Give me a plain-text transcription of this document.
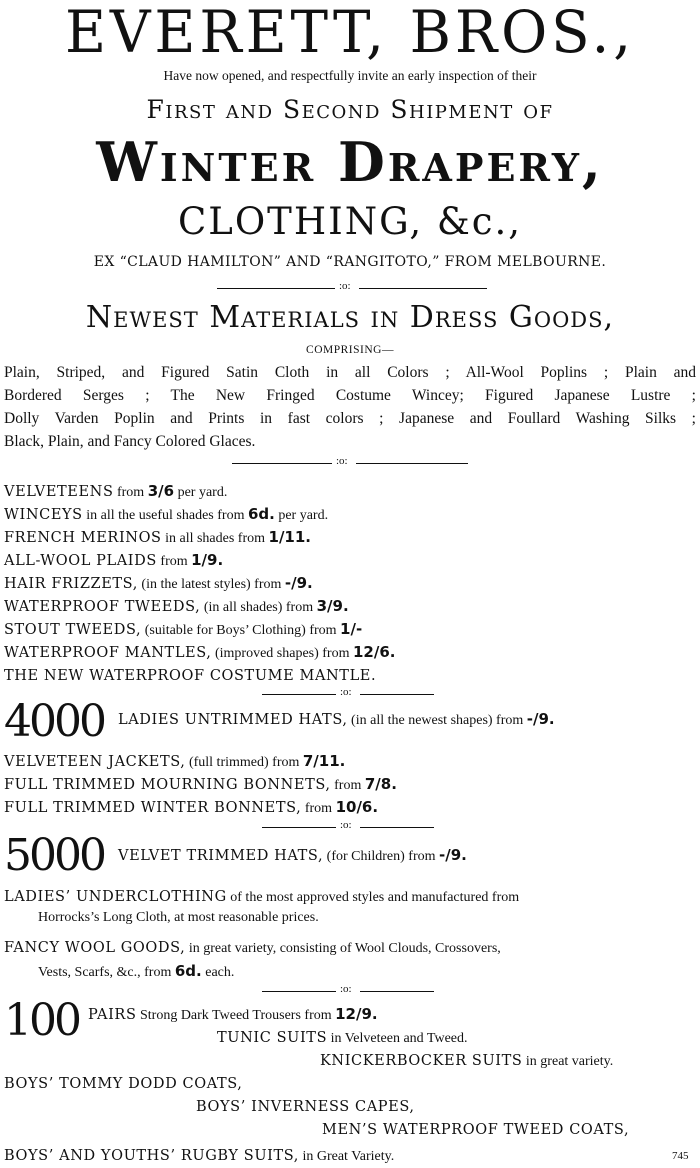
EVERETT, BROS.,
Have now opened, and respectfully invite an early inspection of their
First and Second Shipment of
Winter Drapery,
CLOTHING, &c.,
EX “CLAUD HAMILTON” AND “RANGITOTO,” FROM MELBOURNE.
:o:
Newest Materials in Dress Goods,
COMPRISING—
Plain, Striped, and Figured Satin Cloth in all Colors ; All-Wool Poplins ; Plain and
Bordered Serges ; The New Fringed Costume Wincey; Figured Japanese Lustre ;
Dolly Varden Poplin and Prints in fast colors ; Japanese and Foullard Washing Silks ;
Black, Plain, and Fancy Colored Glaces.
:o:
VELVETEENS from 3/6 per yard.
WINCEYS in all the useful shades from 6d. per yard.
FRENCH MERINOS in all shades from 1/11.
ALL-WOOL PLAIDS from 1/9.
HAIR FRIZZETS, (in the latest styles) from -/9.
WATERPROOF TWEEDS, (in all shades) from 3/9.
STOUT TWEEDS, (suitable for Boys’ Clothing) from 1/-
WATERPROOF MANTLES, (improved shapes) from 12/6.
THE NEW WATERPROOF COSTUME MANTLE.
:o:
4000 LADIES UNTRIMMED HATS, (in all the newest shapes) from -/9.
VELVETEEN JACKETS, (full trimmed) from 7/11.
FULL TRIMMED MOURNING BONNETS, from 7/8.
FULL TRIMMED WINTER BONNETS, from 10/6.
:o:
5000 VELVET TRIMMED HATS, (for Children) from -/9.
LADIES’ UNDERCLOTHING of the most approved styles and manufactured from
Horrocks’s Long Cloth, at most reasonable prices.
FANCY WOOL GOODS, in great variety, consisting of Wool Clouds, Crossovers,
Vests, Scarfs, &c., from 6d. each.
:o:
100 PAIRS Strong Dark Tweed Trousers from 12/9.
TUNIC SUITS in Velveteen and Tweed.
KNICKERBOCKER SUITS in great variety.
BOYS’ TOMMY DODD COATS,
BOYS’ INVERNESS CAPES,
MEN’S WATERPROOF TWEED COATS,
BOYS’ AND YOUTHS’ RUGBY SUITS, in Great Variety.	745
